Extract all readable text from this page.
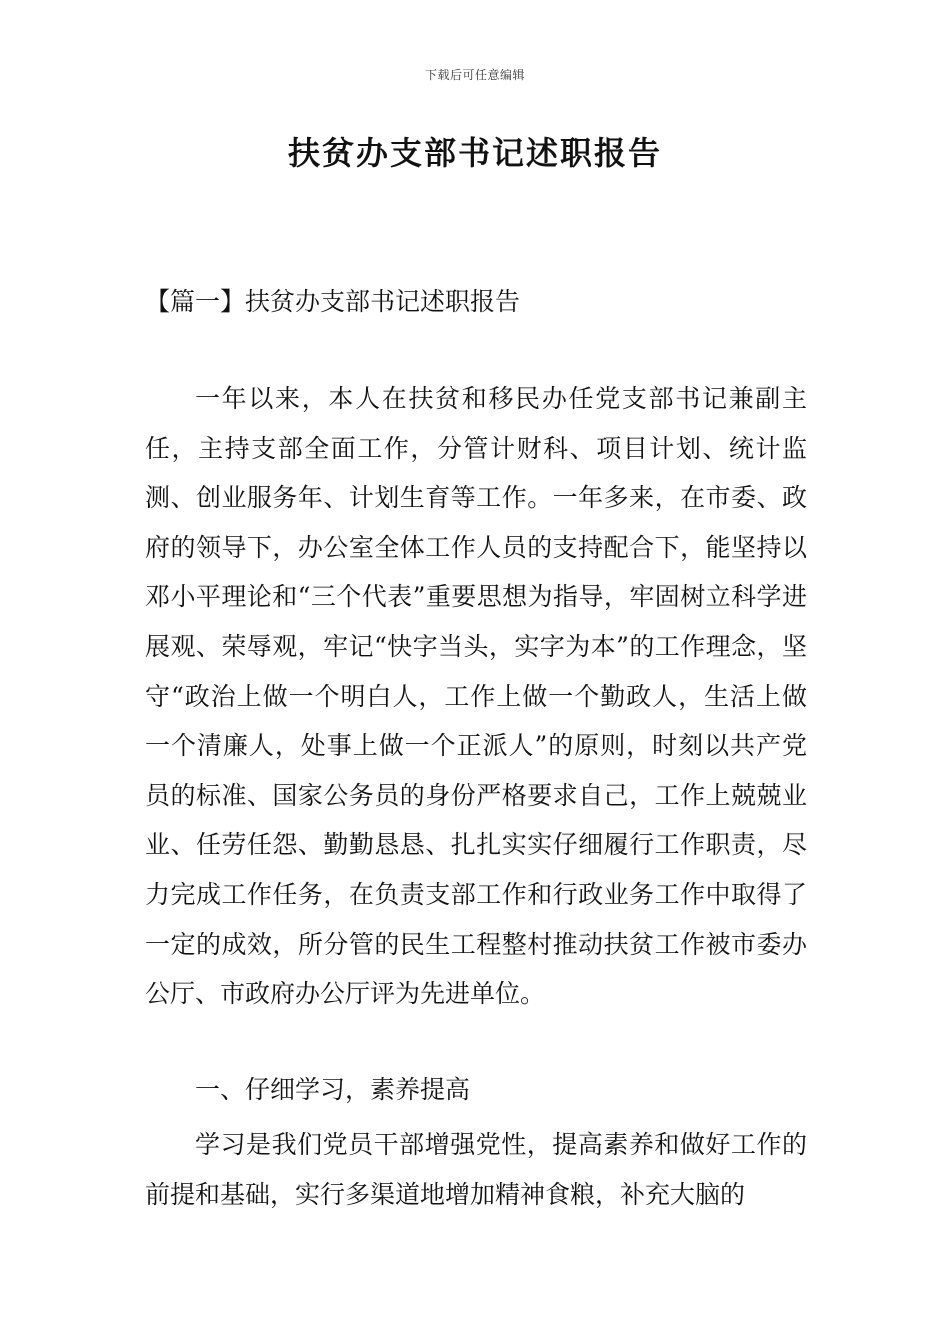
下载后可任意编辑
扶贫办支部书记述职报告
【篇一】扶贫办支部书记述职报告

一年以来，本人在扶贫和移民办任党支部书记兼副主任，主持支部全面工作，分管计财科、项目计划、统计监测、创业服务年、计划生育等工作。一年多来，在市委、政府的领导下，办公室全体工作人员的支持配合下，能坚持以邓小平理论和“三个代表”重要思想为指导，牢固树立科学进展观、荣辱观，牢记“快字当头，实字为本”的工作理念，坚守“政治上做一个明白人，工作上做一个勤政人，生活上做一个清廉人，处事上做一个正派人”的原则，时刻以共产党员的标准、国家公务员的身份严格要求自己，工作上兢兢业业、任劳任怨、勤勤恳恳、扎扎实实仔细履行工作职责，尽力完成工作任务，在负责支部工作和行政业务工作中取得了一定的成效，所分管的民生工程整村推动扶贫工作被市委办公厅、市政府办公厅评为先进单位。

一、仔细学习，素养提高

学习是我们党员干部增强党性，提高素养和做好工作的前提和基础，实行多渠道地增加精神食粮，补充大脑的
